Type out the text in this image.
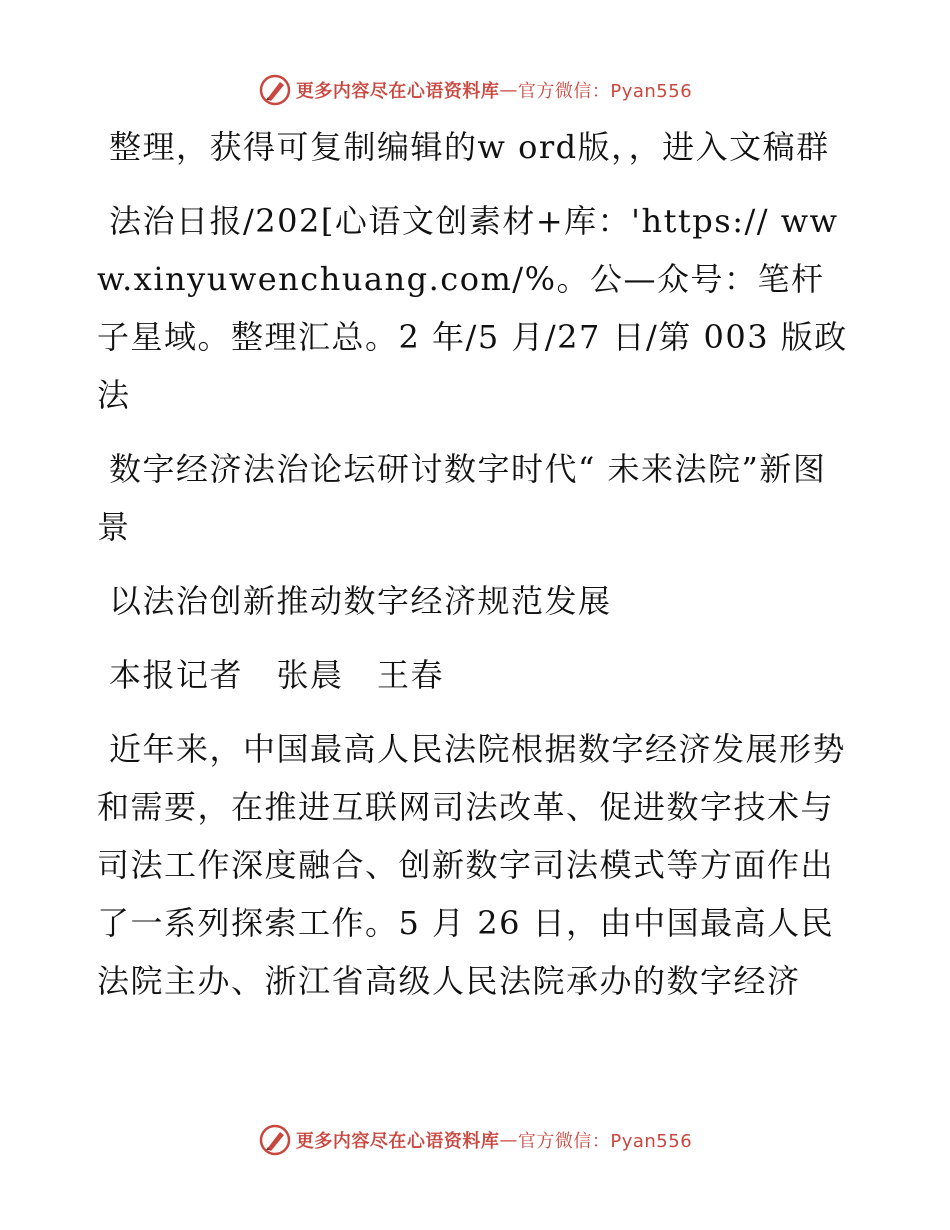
更多内容尽在心语资料库 — 官方微信：Pyan556

整理，获得可复制编辑的w ord版，，进入文稿群

法治日报/202[心语文创素材+库：'https:// www.xinyuwenchuang.com/%。公—众号：笔杆子星域。整理汇总。2 年/5 月/27 日/第 003 版政法

数字经济法治论坛研讨数字时代“ 未来法院”新图景

以法治创新推动数字经济规范发展

本报记者　张晨　王春

近年来，中国最高人民法院根据数字经济发展形势和需要，在推进互联网司法改革、促进数字技术与司法工作深度融合、创新数字司法模式等方面作出了一系列探索工作。5 月 26 日，由中国最高人民法院主办、浙江省高级人民法院承办的数字经济

更多内容尽在心语资料库 — 官方微信：Pyan556
